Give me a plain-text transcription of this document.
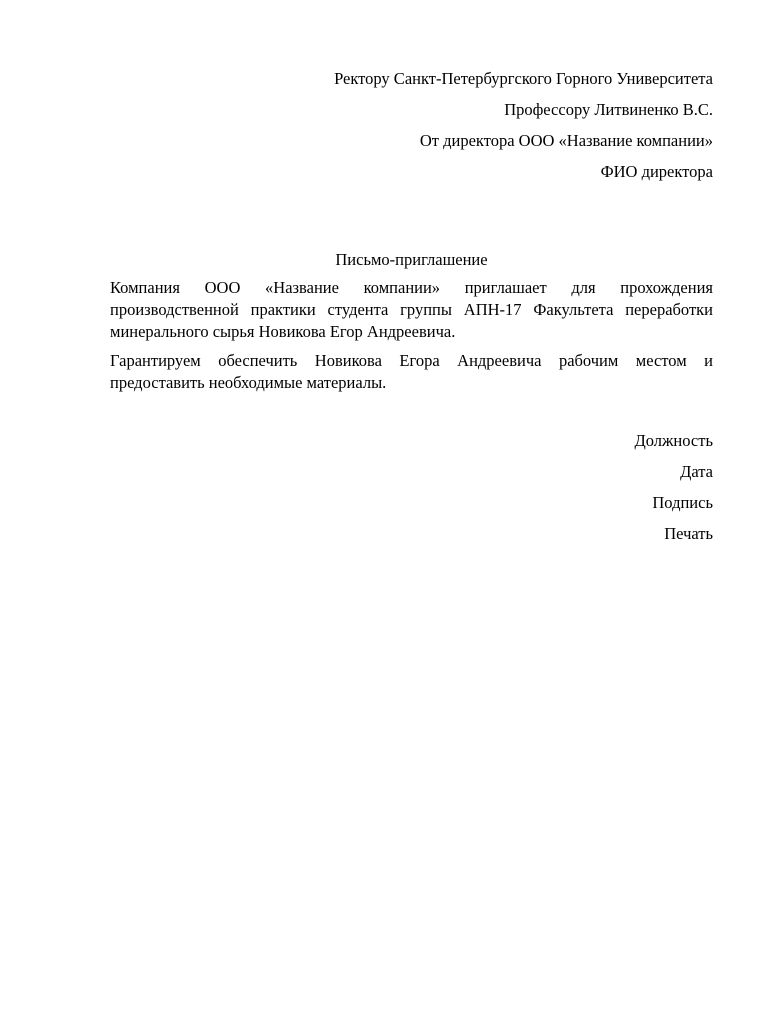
Ректору Санкт-Петербургского Горного Университета
Профессору Литвиненко В.С.
От директора ООО «Название компании»
ФИО директора
Письмо-приглашение

Компания ООО «Название компании» приглашает для прохождения производственной практики студента группы АПН-17 Факультета переработки минерального сырья Новикова Егор Андреевича.

Гарантируем обеспечить Новикова Егора Андреевича рабочим местом и предоставить необходимые материалы.

Должность
Дата
Подпись
Печать
